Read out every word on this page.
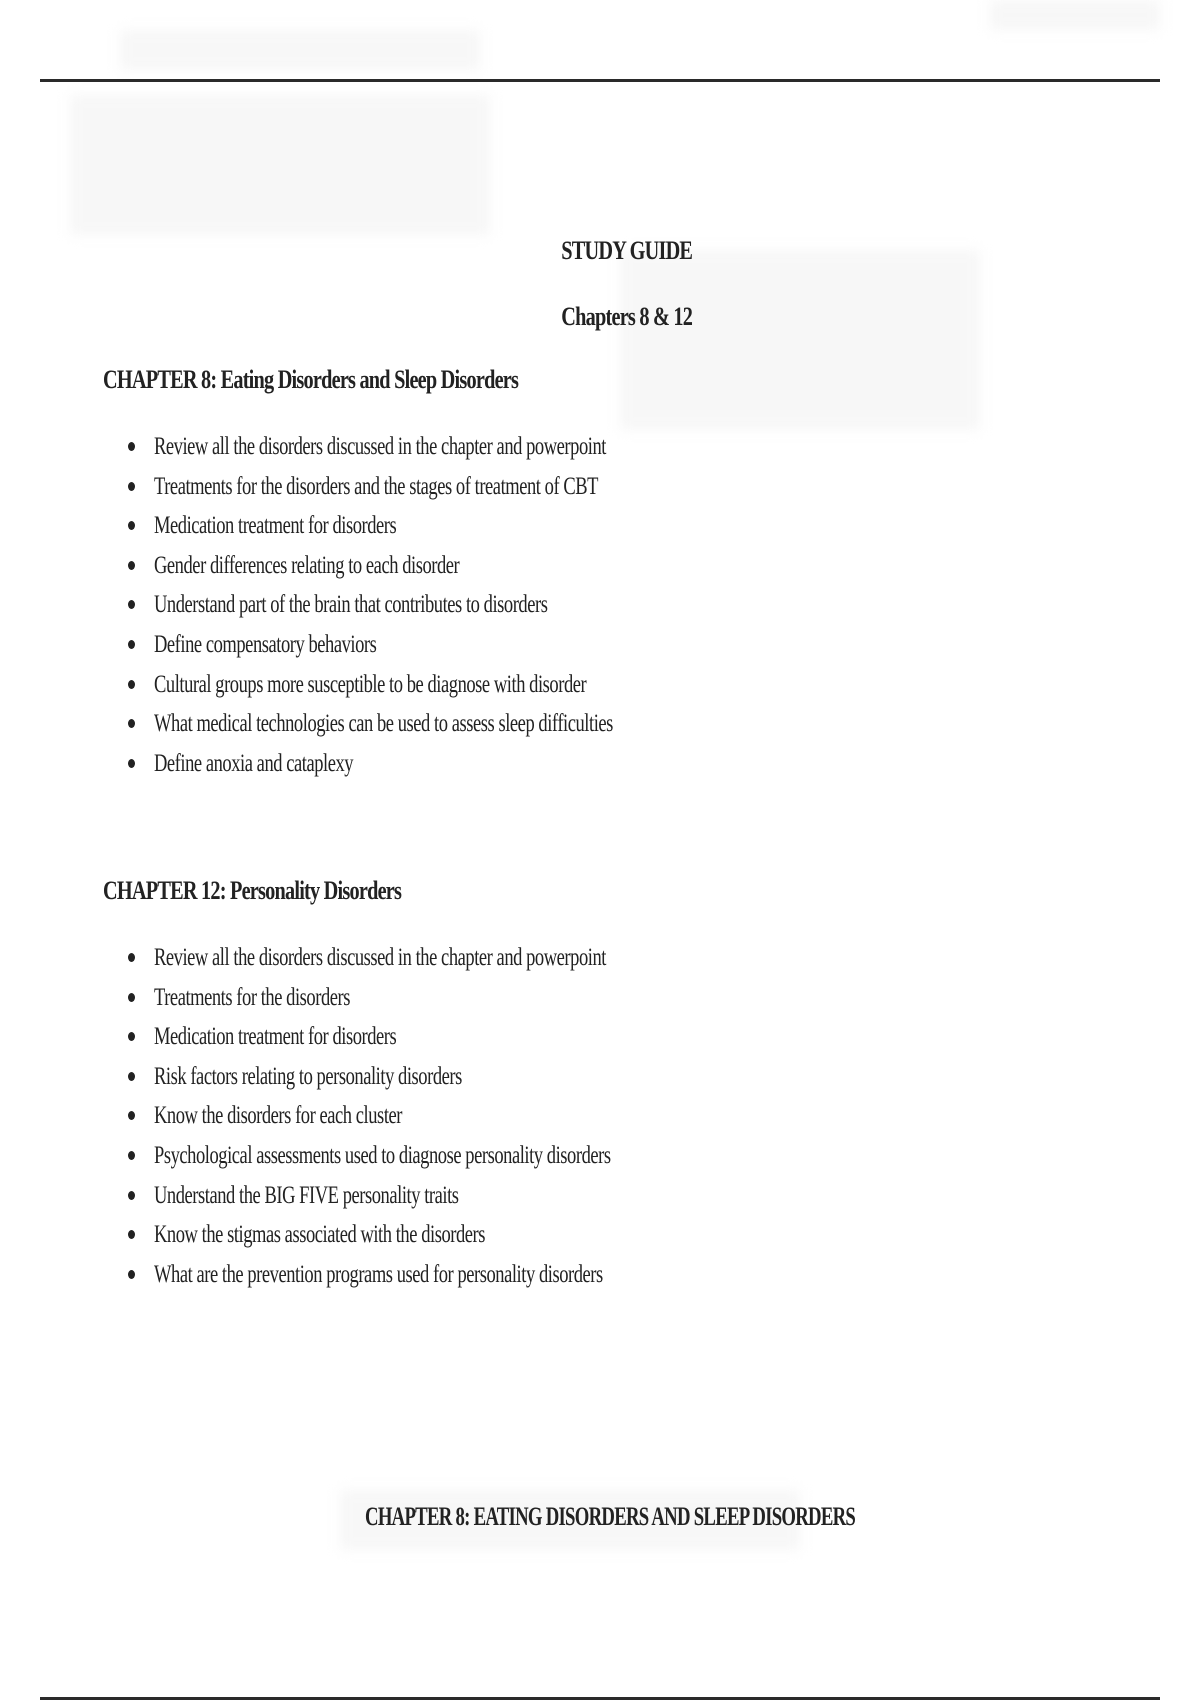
STUDY GUIDE
Chapters 8 & 12
CHAPTER 8: Eating Disorders and Sleep Disorders
Review all the disorders discussed in the chapter and powerpoint
Treatments for the disorders and the stages of treatment of CBT
Medication treatment for disorders
Gender differences relating to each disorder
Understand part of the brain that contributes to disorders
Define compensatory behaviors
Cultural groups more susceptible to be diagnose with disorder
What medical technologies can be used to assess sleep difficulties
Define anoxia and cataplexy
CHAPTER 12: Personality Disorders
Review all the disorders discussed in the chapter and powerpoint
Treatments for the disorders
Medication treatment for disorders
Risk factors relating to personality disorders
Know the disorders for each cluster
Psychological assessments used to diagnose personality disorders
Understand the BIG FIVE personality traits
Know the stigmas associated with the disorders
What are the prevention programs used for personality disorders
CHAPTER 8: EATING DISORDERS AND SLEEP DISORDERS
